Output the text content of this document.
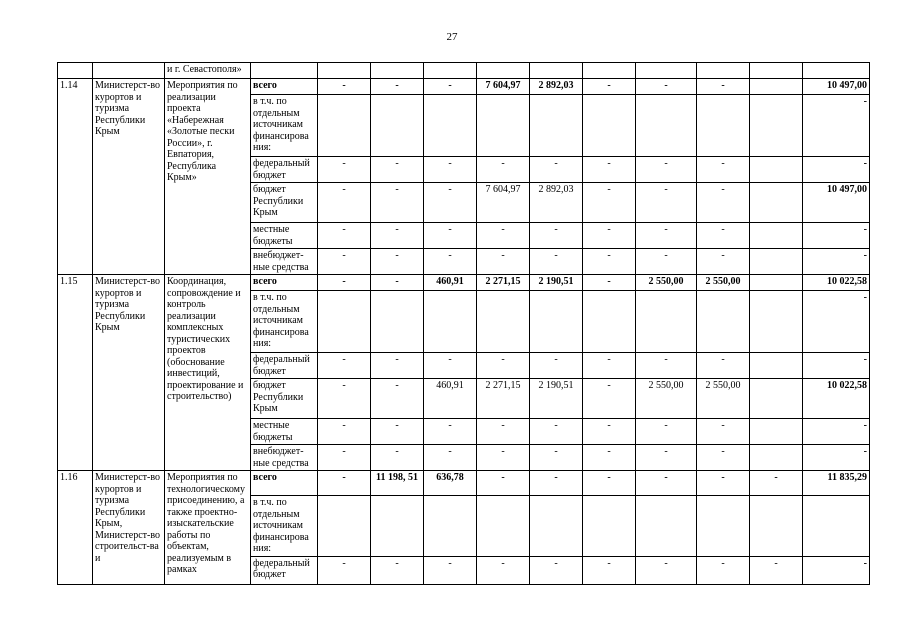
27
		и г. Севастополя»											
1.14	Министерст-во курортов и туризма Республики Крым	Мероприятия по реализации проекта «Набережная «Золотые пески России», г. Евпатория, Республика Крым»	всего	-	-	-	7 604,97	2 892,03	-	-	-		10 497,00
			в т.ч. по отдельным источникам финансирова ния:										-
			федеральный бюджет	-	-	-	-	-	-	-	-		-
			бюджет Республики Крым	-	-	-	7 604,97	2 892,03	-	-	-		10 497,00
			местные бюджеты	-	-	-	-	-	-	-	-		-
			внебюджет-ные средства	-	-	-	-	-	-	-	-		-
1.15	Министерст-во курортов и туризма Республики Крым	Координация, сопровождение и контроль реализации комплексных туристических проектов (обоснование инвестиций, проектирование и строительство)	всего	-	-	460,91	2 271,15	2 190,51	-	2 550,00	2 550,00		10 022,58
			в т.ч. по отдельным источникам финансирова ния:										-
			федеральный бюджет	-	-	-	-	-	-	-	-		-
			бюджет Республики Крым	-	-	460,91	2 271,15	2 190,51	-	2 550,00	2 550,00		10 022,58
			местные бюджеты	-	-	-	-	-	-	-	-		-
			внебюджет-ные средства	-	-	-	-	-	-	-	-		-
1.16	Министерст-во курортов и туризма Республики Крым, Министерст-во строительст-ва и	Мероприятия по технологическому присоединению, а также проектно-изыскательские работы по объектам, реализуемым в рамках	всего	-	11 198, 51	636,78	-	-	-	-	-	-	11 835,29
			в т.ч. по отдельным источникам финансирова ния:										
			федеральный бюджет	-	-	-	-	-	-	-	-	-	-
